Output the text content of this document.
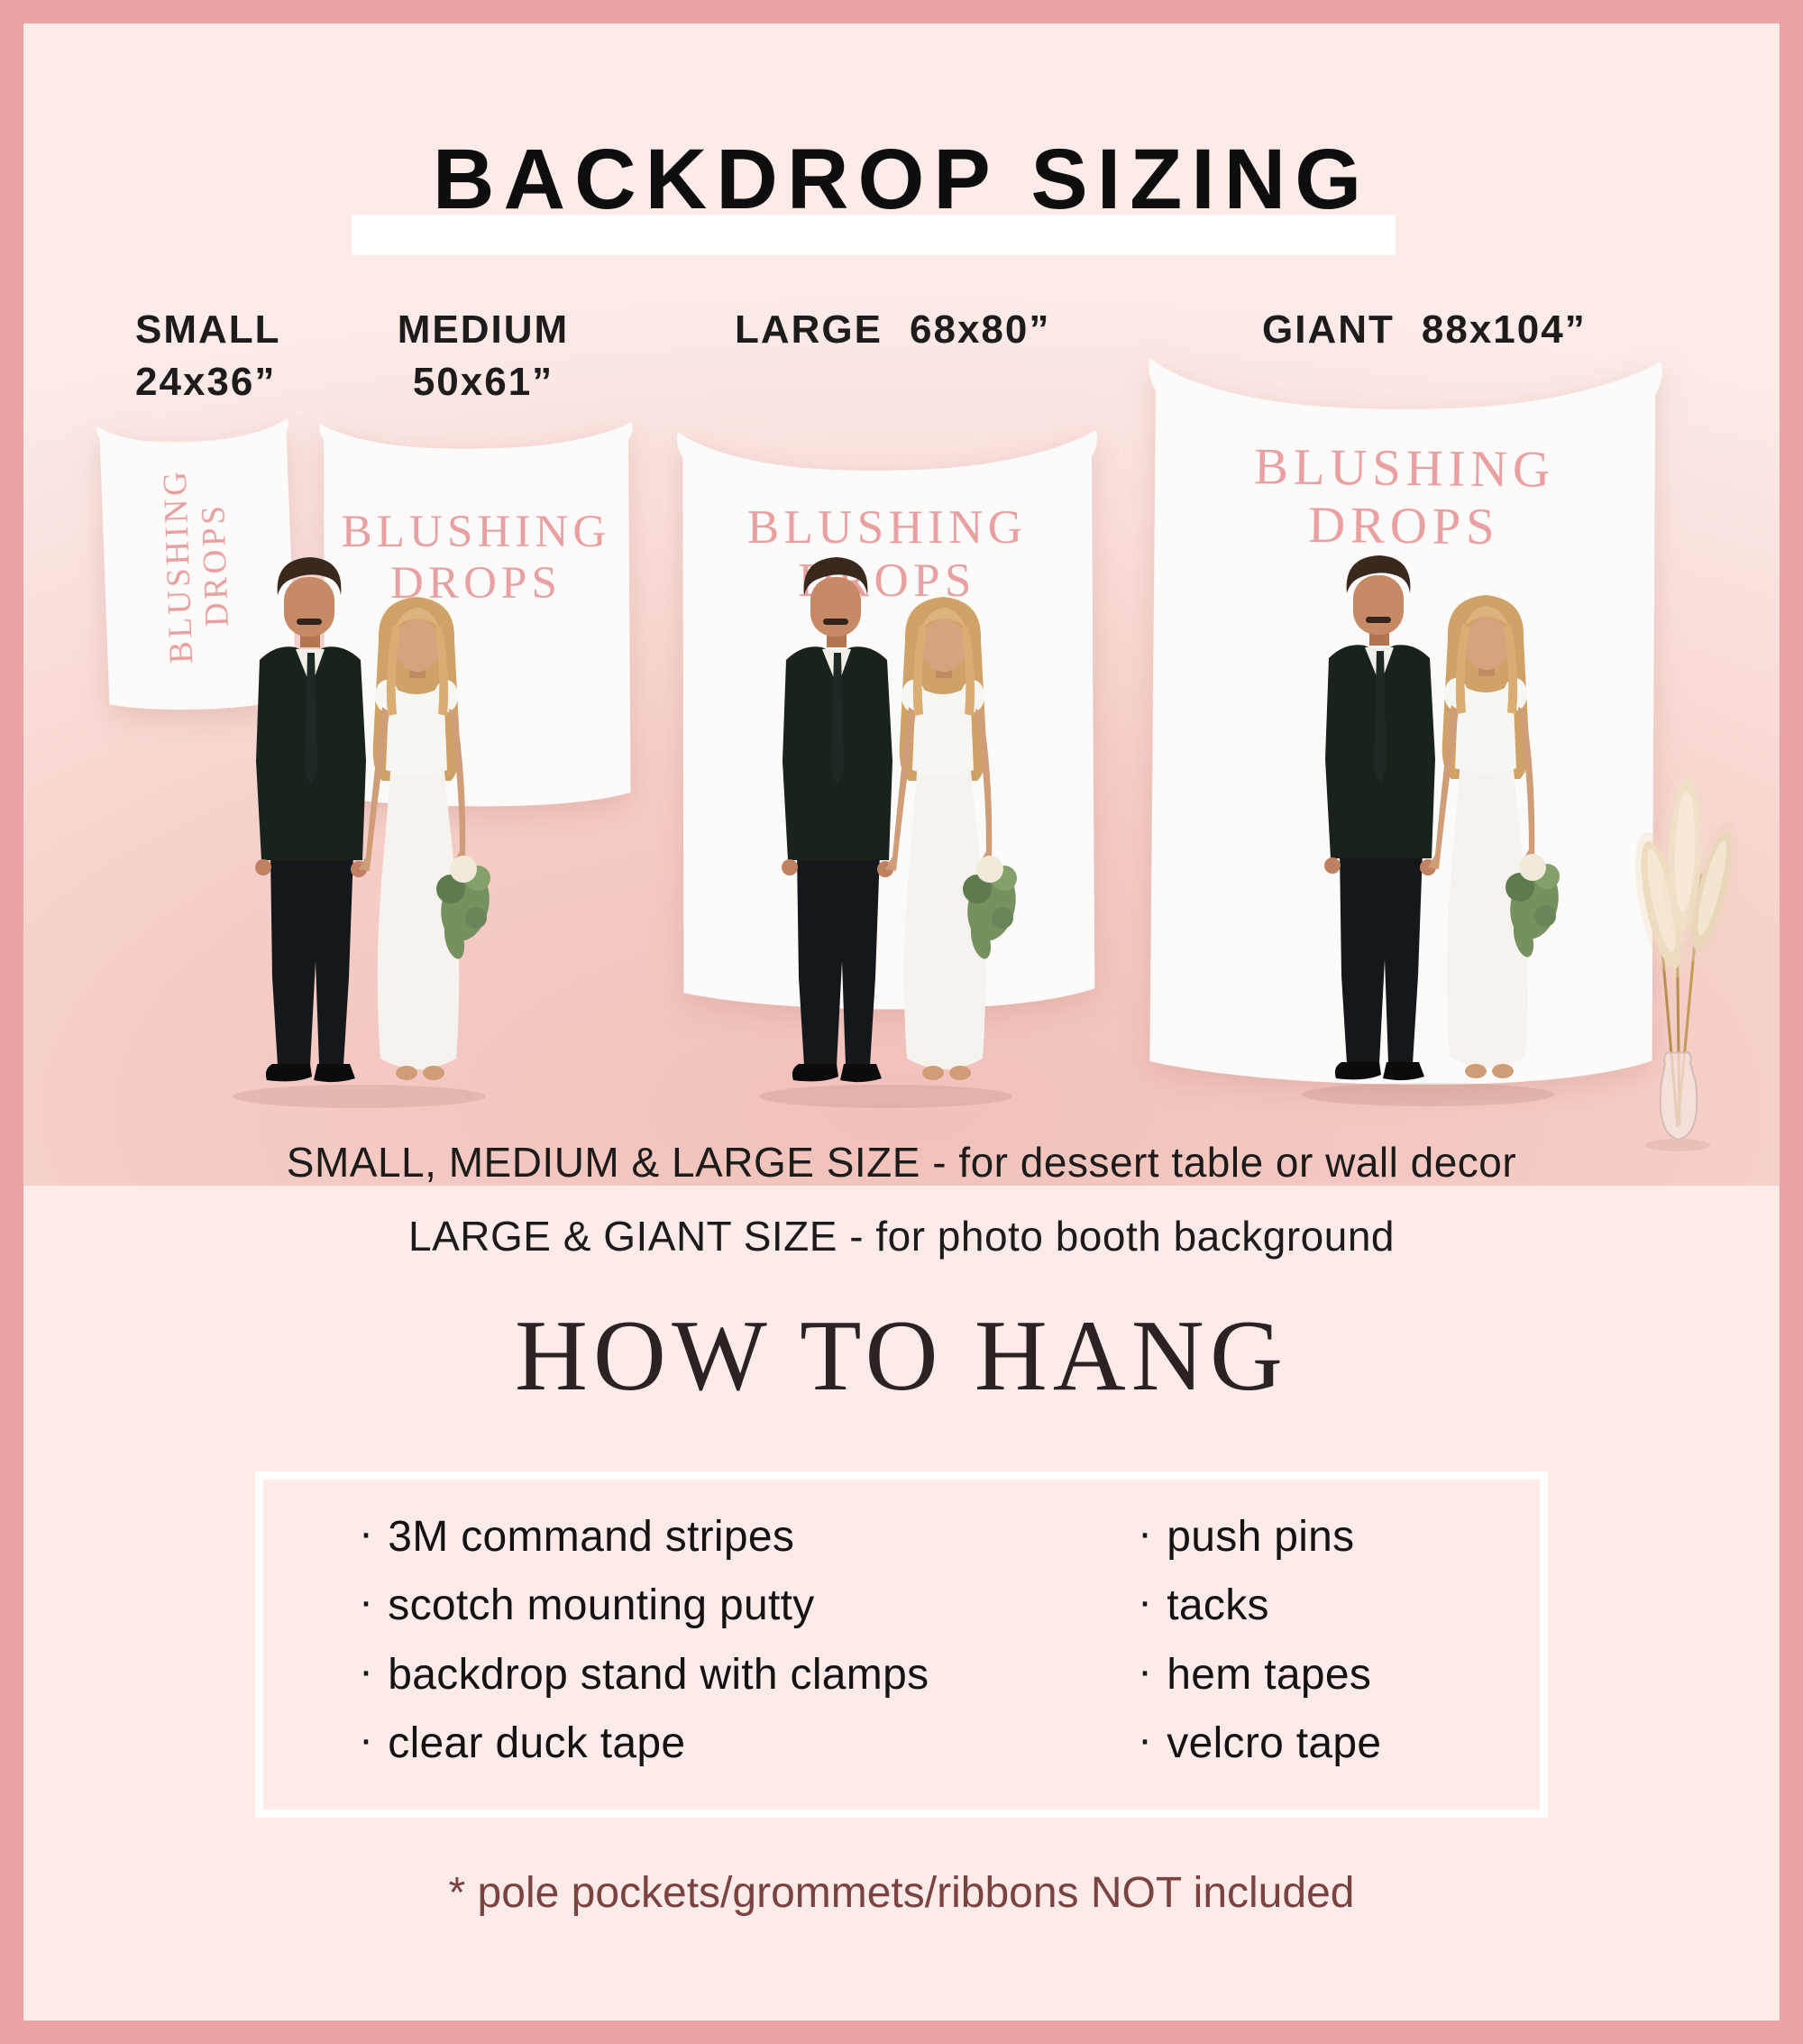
BACKDROP SIZING
SMALL
24x36”
MEDIUM
50x61”
LARGE 68x80”	GIANT 88x104”
BLUSHING
DROPS	BLUSHING
DROPS
BLUSHING
DROPS
BLUSHING
DROPS
SMALL, MEDIUM & LARGE SIZE - for dessert table or wall decor
LARGE & GIANT SIZE - for photo booth background
HOW TO HANG
· 3M command stripes
· scotch mounting putty
· backdrop stand with clamps
· clear duck tape
· push pins
· tacks
· hem tapes
· velcro tape
* pole pockets/grommets/ribbons NOT included
